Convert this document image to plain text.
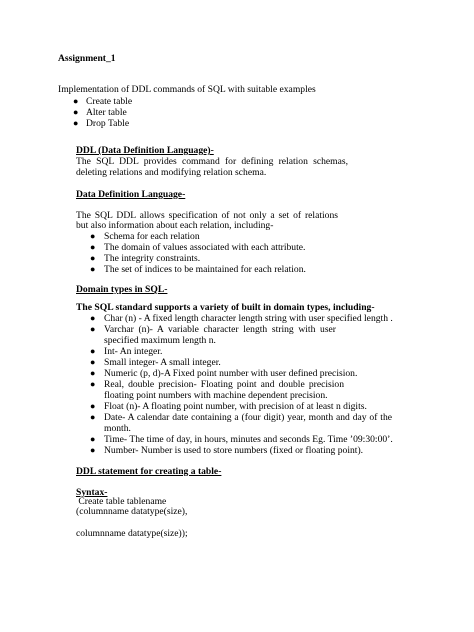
Assignment_1
Implementation of DDL commands of SQL with suitable examples
● Create table
● Alter table
● Drop Table
DDL (Data Definition Language)-
The SQL DDL provides command for defining relation schemas,
deleting relations and modifying relation schema.
Data Definition Language-
The SQL DDL allows specification of not only a set of relations
but also information about each relation, including-
● Schema for each relation
● The domain of values associated with each attribute.
● The integrity constraints.
● The set of indices to be maintained for each relation.
Domain types in SQL-
The SQL standard supports a variety of built in domain types, including-
● Char (n) - A fixed length character length string with user specified length .
● Varchar (n)- A variable character length string with user
specified maximum length n.
● Int- An integer.
● Small integer- A small integer.
● Numeric (p, d)-A Fixed point number with user defined precision.
● Real, double precision- Floating point and double precision
floating point numbers with machine dependent precision.
● Float (n)- A floating point number, with precision of at least n digits.
● Date- A calendar date containing a (four digit) year, month and day of the
month.
● Time- The time of day, in hours, minutes and seconds Eg. Time ’09:30:00’.
● Number- Number is used to store numbers (fixed or floating point).
DDL statement for creating a table-
Syntax-
Create table tablename
(columnname datatype(size),
columnname datatype(size));
